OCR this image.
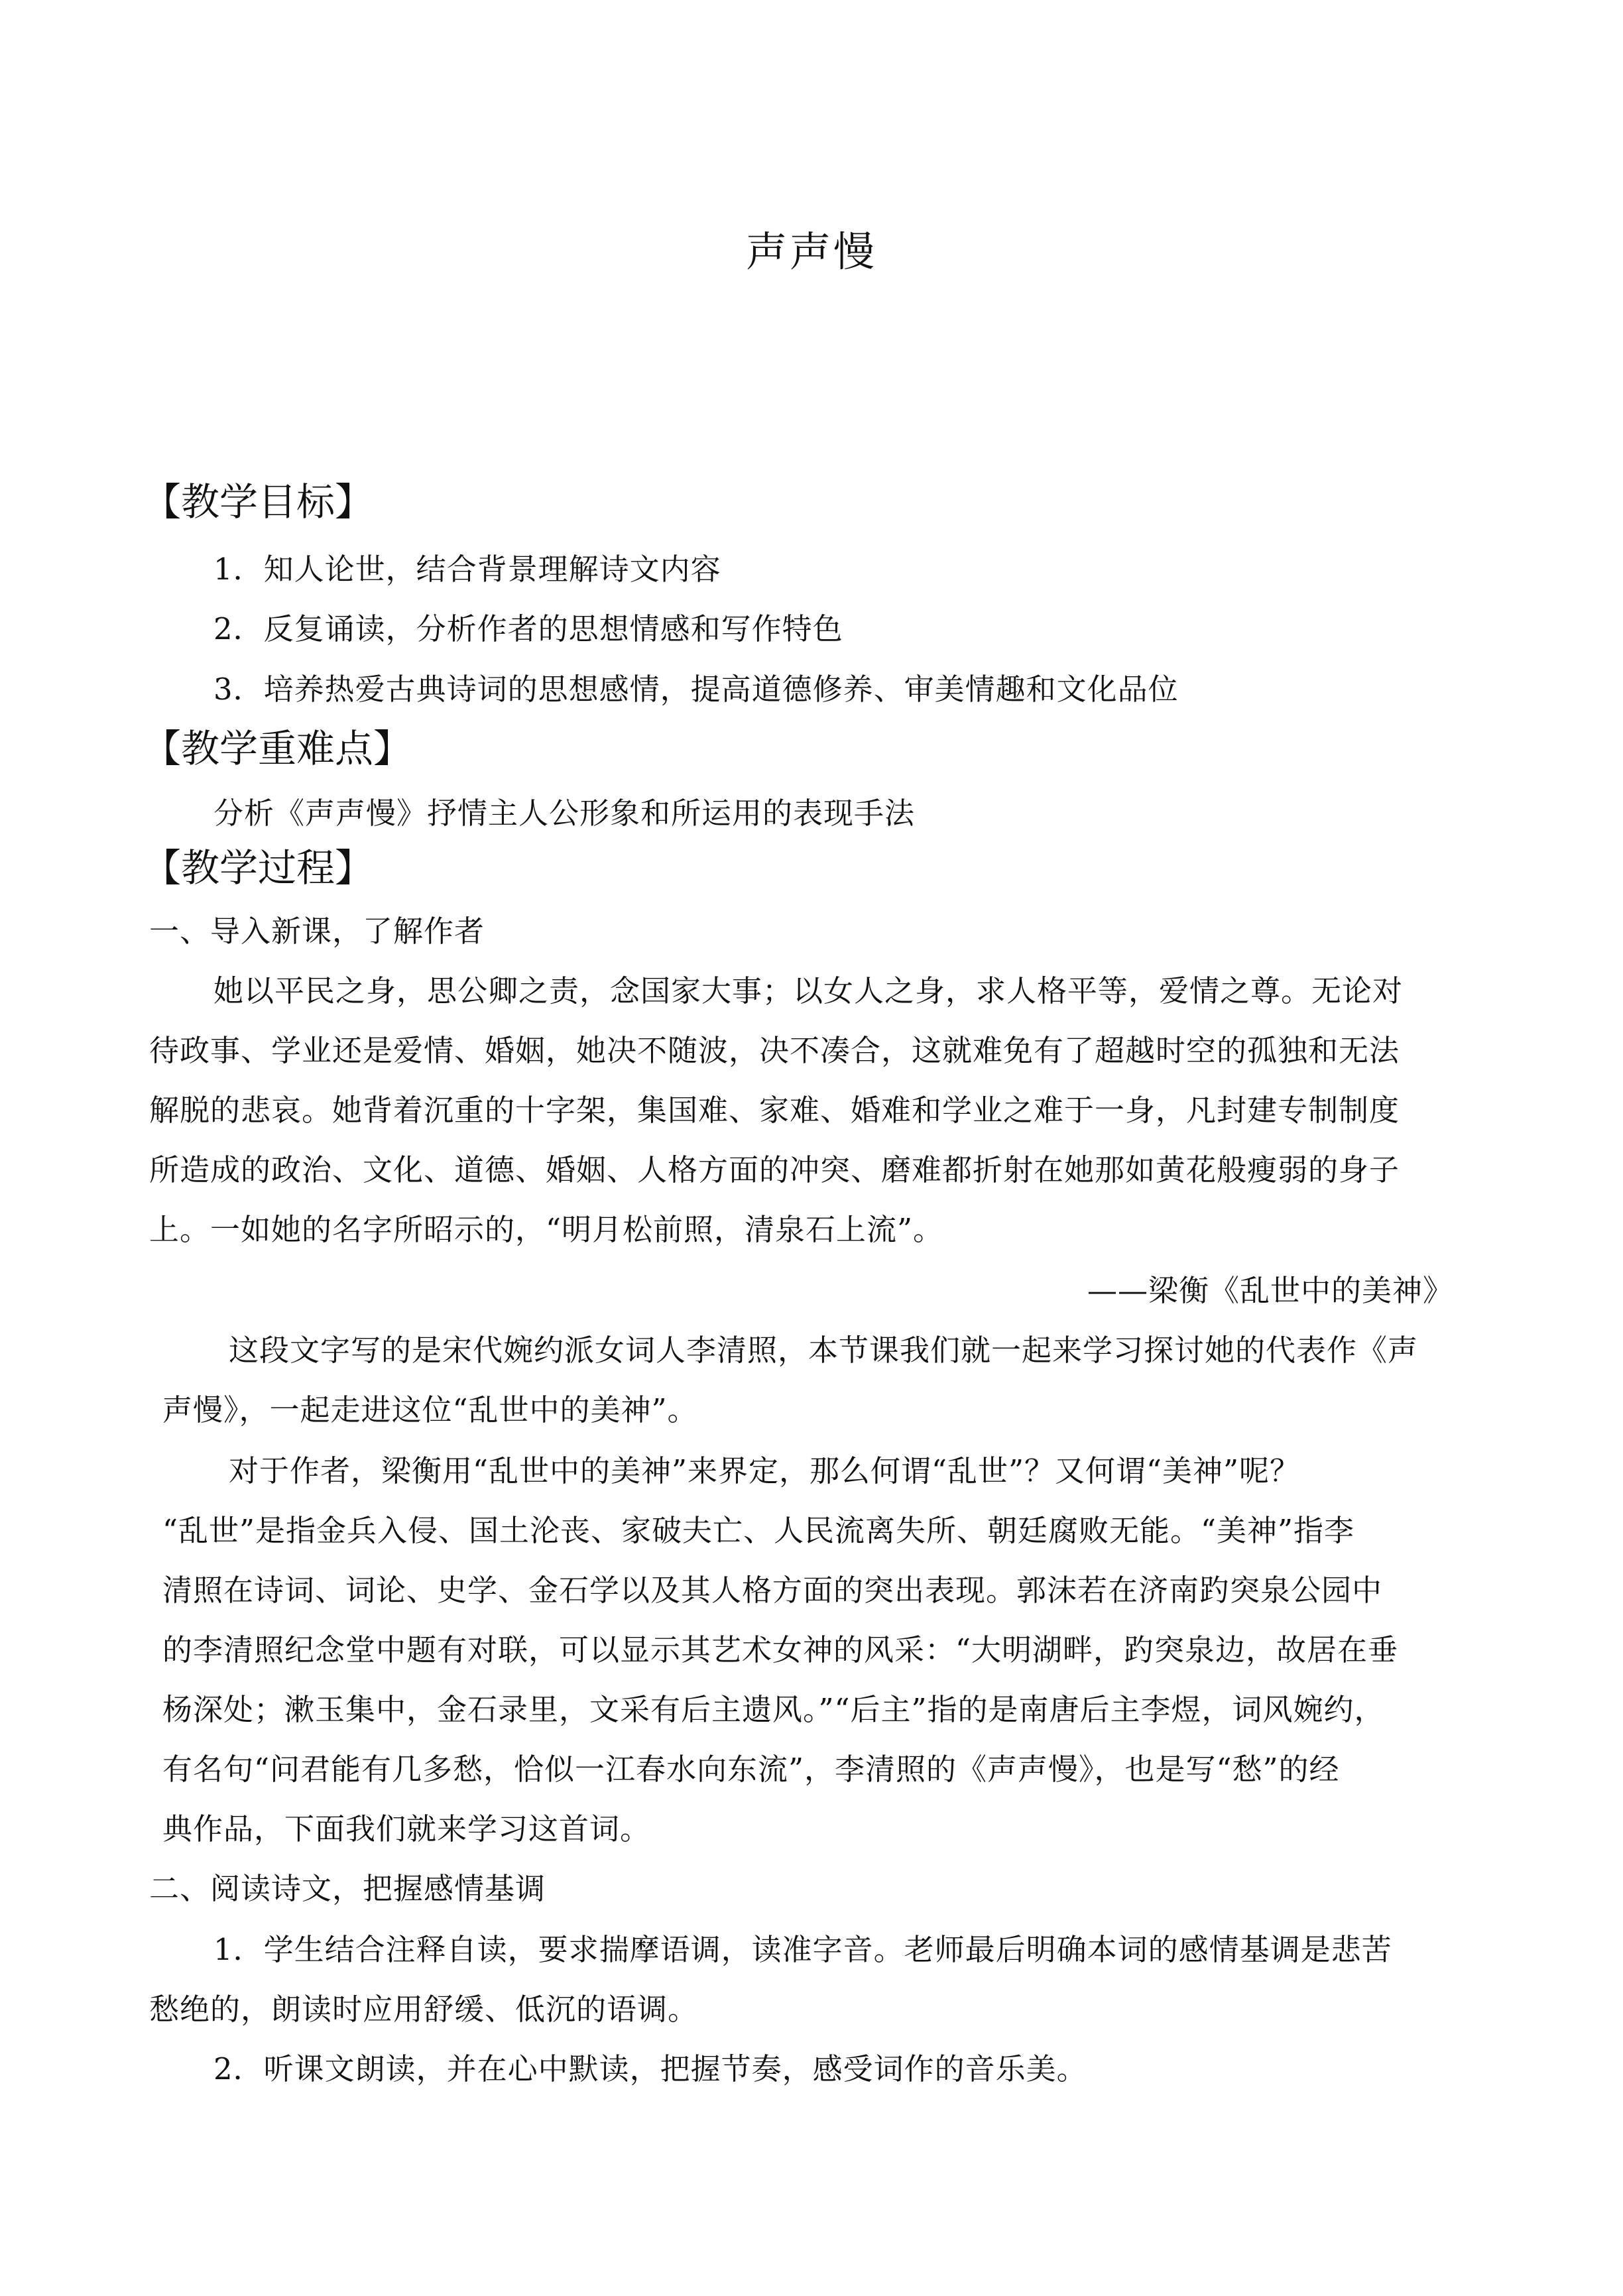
声声慢
【教学目标】
1．知人论世，结合背景理解诗文内容
2．反复诵读，分析作者的思想情感和写作特色
3．培养热爱古典诗词的思想感情，提高道德修养、审美情趣和文化品位
【教学重难点】
分析《声声慢》抒情主人公形象和所运用的表现手法
【教学过程】
一、导入新课，了解作者
她以平民之身，思公卿之责，念国家大事；以女人之身，求人格平等，爱情之尊。无论对
待政事、学业还是爱情、婚姻，她决不随波，决不凑合，这就难免有了超越时空的孤独和无法
解脱的悲哀。她背着沉重的十字架，集国难、家难、婚难和学业之难于一身，凡封建专制制度
所造成的政治、文化、道德、婚姻、人格方面的冲突、磨难都折射在她那如黄花般瘦弱的身子
上。一如她的名字所昭示的，“明月松前照，清泉石上流”。
——梁衡《乱世中的美神》
这段文字写的是宋代婉约派女词人李清照，本节课我们就一起来学习探讨她的代表作《声
声慢》，一起走进这位“乱世中的美神”。
对于作者，梁衡用“乱世中的美神”来界定，那么何谓“乱世”？又何谓“美神”呢？
“乱世”是指金兵入侵、国土沦丧、家破夫亡、人民流离失所、朝廷腐败无能。“美神”指李
清照在诗词、词论、史学、金石学以及其人格方面的突出表现。郭沫若在济南趵突泉公园中
的李清照纪念堂中题有对联，可以显示其艺术女神的风采：“大明湖畔，趵突泉边，故居在垂
杨深处；漱玉集中，金石录里，文采有后主遗风。”“后主”指的是南唐后主李煜，词风婉约，
有名句“问君能有几多愁，恰似一江春水向东流”，李清照的《声声慢》，也是写“愁”的经
典作品，下面我们就来学习这首词。
二、阅读诗文，把握感情基调
1．学生结合注释自读，要求揣摩语调，读准字音。老师最后明确本词的感情基调是悲苦
愁绝的，朗读时应用舒缓、低沉的语调。
2．听课文朗读，并在心中默读，把握节奏，感受词作的音乐美。
